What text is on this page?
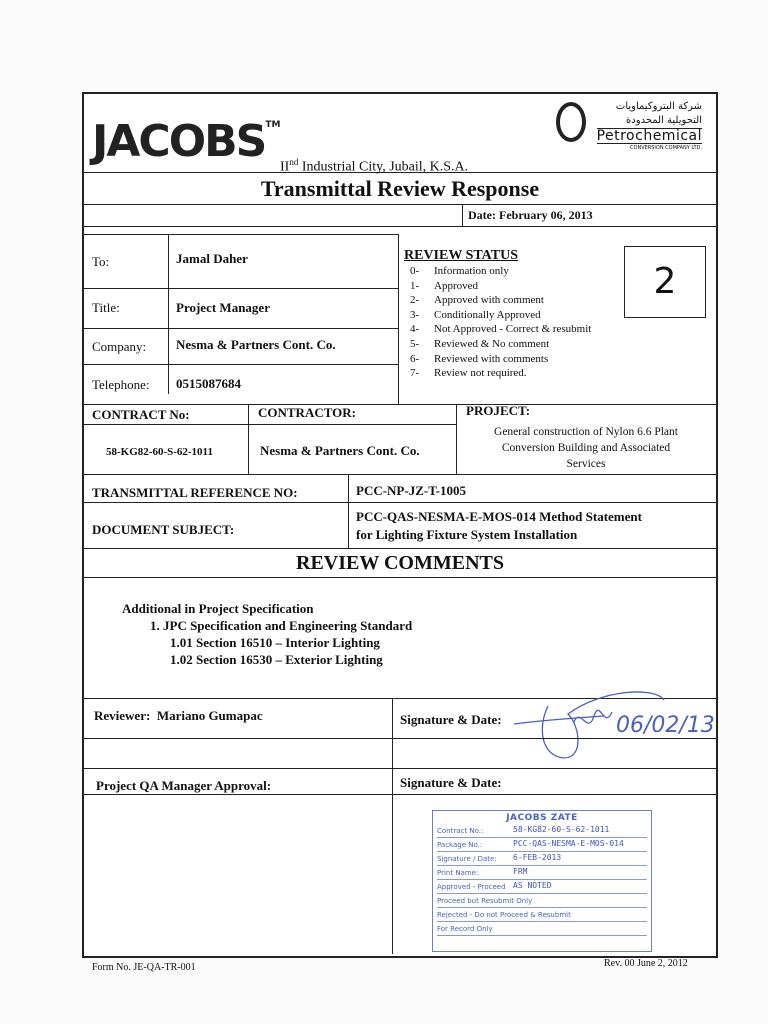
JACOBS™
IInd Industrial City, Jubail, K.S.A.
شركة البتروكيماويات
التحويلية المحدودة
Petrochemical
CONVERSION COMPANY LTD.
Transmittal Review Response
Date: February 06, 2013
To:	Jamal Daher
Title:	Project Manager
Company: Nesma & Partners Cont. Co.
Telephone: 0515087684
REVIEW STATUS
0- Information only
1- Approved
2- Approved with comment
3- Conditionally Approved
4- Not Approved - Correct & resubmit
5- Reviewed & No comment
6- Reviewed with comments
7- Review not required.
2
CONTRACT No:
58-KG82-60-S-62-1011
CONTRACTOR:
Nesma & Partners Cont. Co.
PROJECT:
General construction of Nylon 6.6 Plant
Conversion Building and Associated
Services
TRANSMITTAL REFERENCE NO:	PCC-NP-JZ-T-1005
DOCUMENT SUBJECT:
PCC-QAS-NESMA-E-MOS-014 Method Statement
for Lighting Fixture System Installation
REVIEW COMMENTS
Additional in Project Specification
1. JPC Specification and Engineering Standard
1.01 Section 16510 – Interior Lighting
1.02 Section 16530 – Exterior Lighting
Reviewer: Mariano Gumapac	Signature & Date:	06/02/13
Project QA Manager Approval:	Signature & Date:
JACOBS ZATE
Contract No.:	58-KG82-60-S-62-1011
Package No.:	PCC-QAS-NESMA-E-MOS-014
Signature / Date: 6-FEB-2013
Print Name:	FRM
Approved - Proceed AS NOTED
Proceed but Resubmit Only
Rejected - Do not Proceed & Resubmit
For Record Only
Form No. JE-QA-TR-001	Rev. 00 June 2, 2012
